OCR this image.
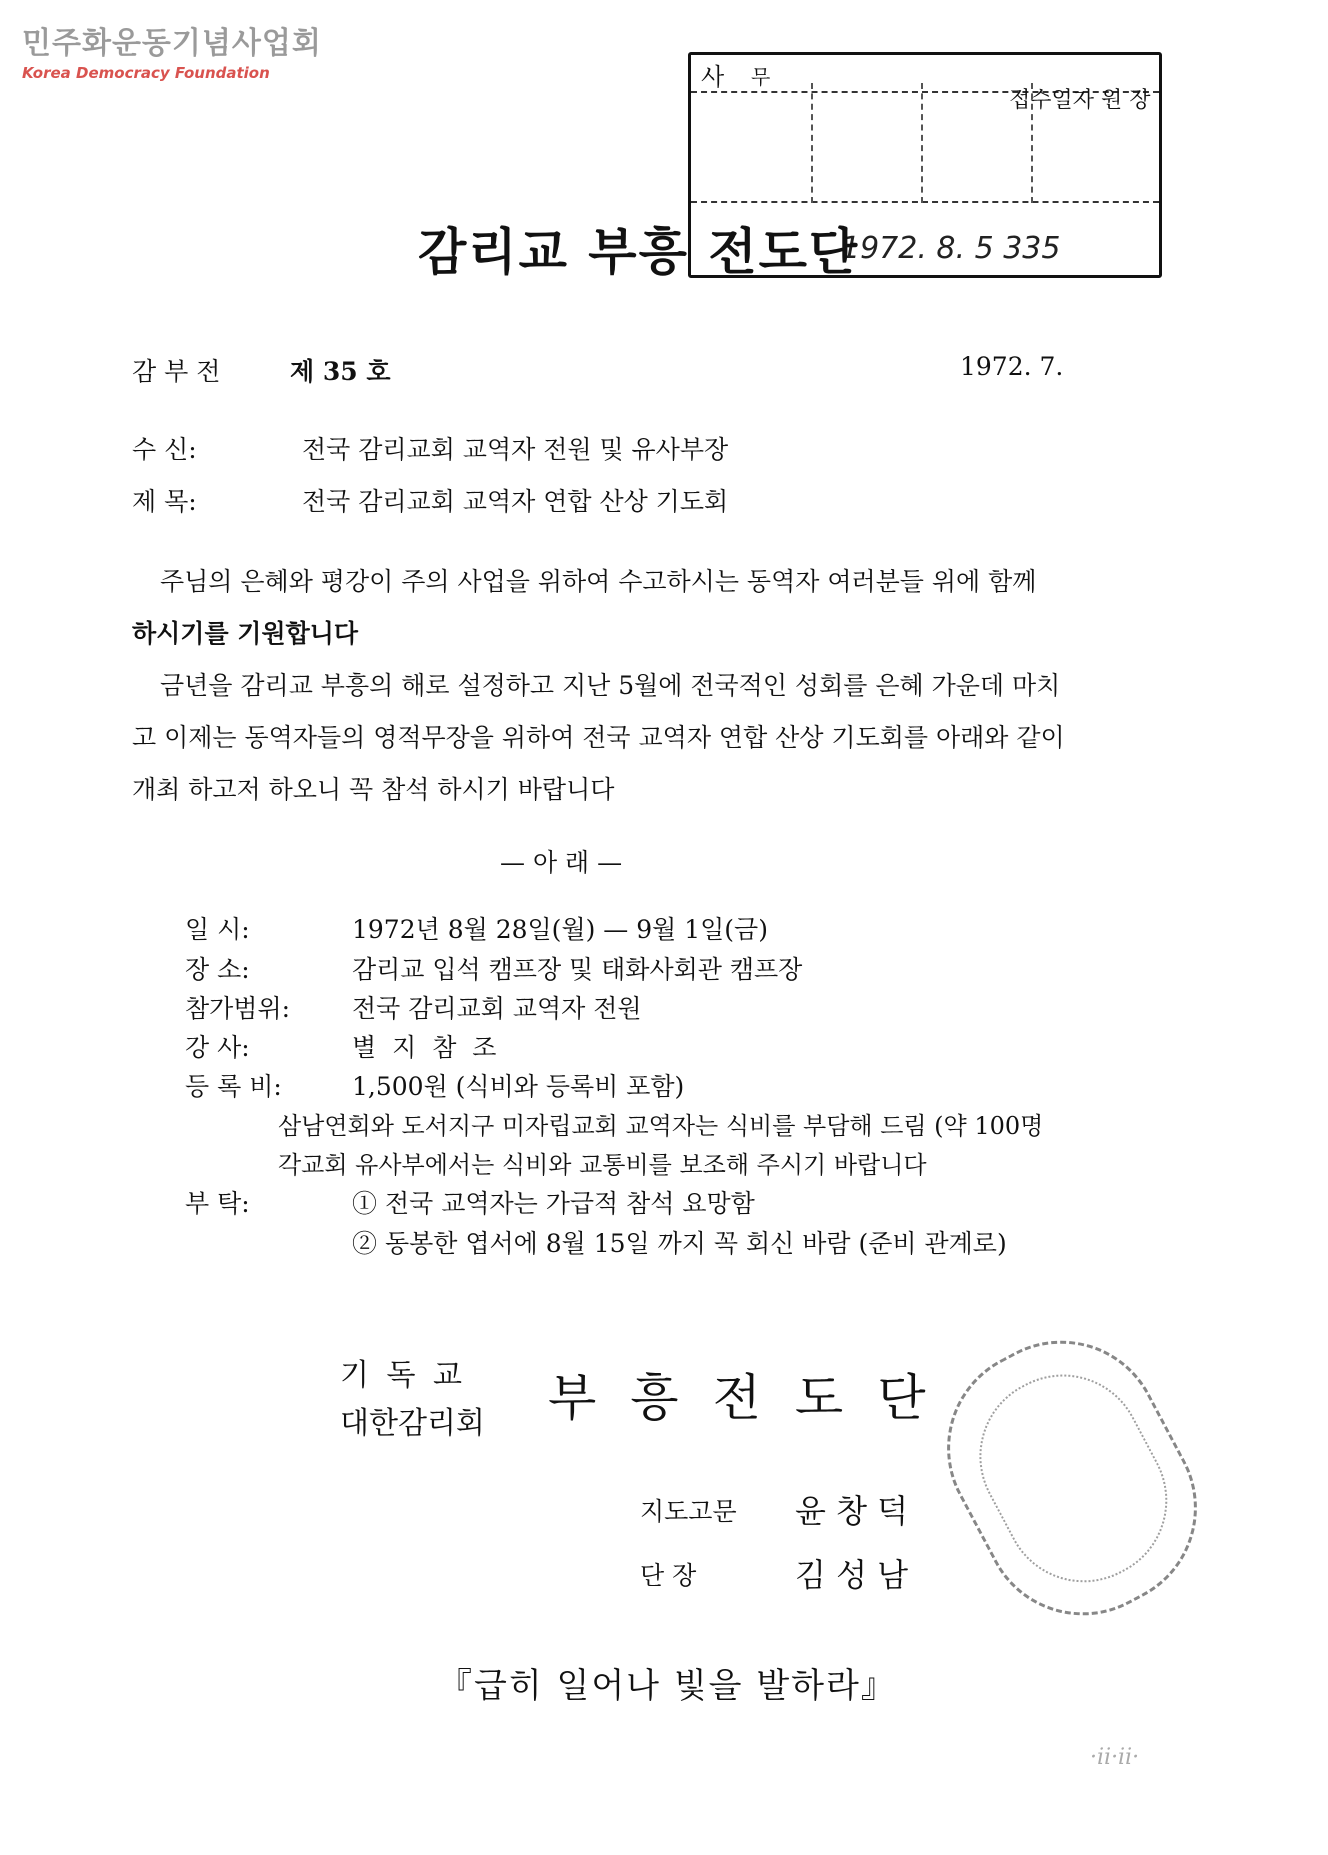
민주화운동기념사업회
Korea Democracy Foundation	사 무
접수일자 원 장
1972. 8. 5 335
감리교 부흥 전도단
감 부 전	제 35 호	1972. 7.
수 신:	전국 감리교회 교역자 전원 및 유사부장
제 목:	전국 감리교회 교역자 연합 산상 기도회
주님의 은혜와 평강이 주의 사업을 위하여 수고하시는 동역자 여러분들 위에 함께
하시기를 기원합니다
금년을 감리교 부흥의 해로 설정하고 지난 5월에 전국적인 성회를 은혜 가운데 마치
고 이제는 동역자들의 영적무장을 위하여 전국 교역자 연합 산상 기도회를 아래와 같이
개최 하고저 하오니 꼭 참석 하시기 바랍니다
— 아 래 —
일 시:	1972년 8월 28일(월) — 9월 1일(금)
장 소:	감리교 입석 캠프장 및 태화사회관 캠프장
참가범위: 전국 감리교회 교역자 전원
강 사:	별 지 참 조
등 록 비:	1,500원 (식비와 등록비 포함)
삼남연회와 도서지구 미자립교회 교역자는 식비를 부담해 드림 (약 100명
각교회 유사부에서는 식비와 교통비를 보조해 주시기 바랍니다
부 탁:	① 전국 교역자는 가급적 참석 요망함
② 동봉한 엽서에 8월 15일 까지 꼭 회신 바람 (준비 관계로)
기 독 교
대한감리회 부흥전도단
지도고문 윤 창 덕
단 장	김 성 남
『급히 일어나 빛을 발하라』
·ⅱ·ⅱ·
